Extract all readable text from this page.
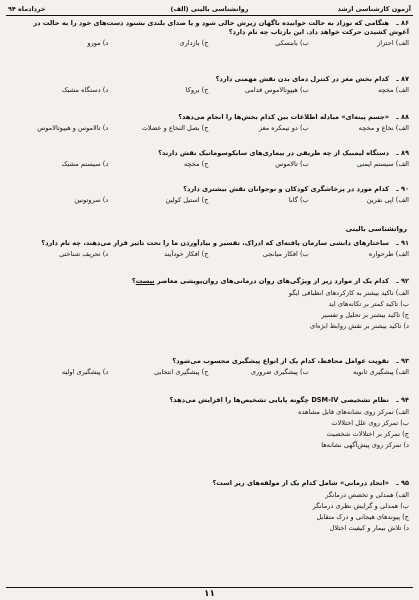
آزمون کارشناسی ارشد
روانشناسی بالینی (الف)
خردادماه ۹۴
۸۶ ـهنگامی که نوزاد به حالت خوابیده ناگهان زیرش خالی شود و یا صدای بلندی بشنود دست‌های خود را به حالت در
آغوش کشیدن حرکت خواهد داد. این بازتاب چه نام دارد؟
الف) احتزاز
ب) بابنسکی
ج) بازداری
د) مورو
۸۷ ـکدام بخش مغز در کنترل دمای بدن نقش مهمتی دارد؟
الف) مخچه
ب) هیپوتالاموس قدامی
ج) بروکا
د) دستگاه مشبک
۸۸ ـ«جسم پینه‌ای» مبادله اطلاعات بین کدام بخش‌ها را انجام می‌دهد؟
الف) نخاع و مخچه
ب) دو نیمکره مغز
ج) بصل النخاع و عضلات
د) تالاموس و هیپوتالاموس
۸۹ ـدستگاه لیمبیک از چه طریقی در بیماری‌های سایکوسوماتیک نقش دارند؟
الف) سیستم ایمنی
ب) تالاموس
ج) مخچه
د) سیستم مشبک
۹۰ ـکدام مورد در پرخاشگری کودکان و نوجوانان نقش بیشتری دارد؟
الف) اپی نفرین
ب) گابا
ج) استیل کولین
د) سروتونین
روانشناسی بالینی
۹۱ ـساختارهای دانشی سازمان یافته‌ای که ادراک، تفسیر و بیادآوردن ما را تحت تاثیر قرار می‌دهند، چه نام دارد؟
الف) طرحواره
ب) افکار میانجی
ج) افکار خودآیند
د) تحریف شناختی
۹۲ ـکدام یک از موارد زیر از ویژگی‌های روان درمانی‌های روان‌پویشی معاصر نیست؟
الف) تاکید بیشتر به کارکردهای انطباقی ایگو
ب) تاکید کمتر بر تکانه‌های اید
ج) تاکید بیشتر بر تحلیل و تفسیر
د) تاکید بیشتر بر نقش روابط ابژه‌ای
۹۳ ـتقویت عوامل محافظ، کدام یک از انواع پیشگیری محسوب می‌شود؟
الف) پیشگیری ثانویه
ب) پیشگیری ضروری
ج) پیشگیری انتخابی
د) پیشگیری اولیه
۹۴ ـنظام تشخیصی DSM-IV چگونه پایایی تشخیص‌ها را افزایش می‌دهد؟
الف) تمرکز روی نشانه‌های قابل مشاهده
ب) تمرکز روی علل اختلالات
ج) تمرکز بر اختلالات شخصیت
د) تمرکز روی پیش‌آگهی نشانه‌ها
۹۵ ـ«اتحاد درمانی» شامل کدام یک از مولفه‌های زیر است؟
الف) همدلی و تخصص درمانگر
ب) همدلی و گرایش نظری درمانگر
ج) پیوندهای هیجانی و درک متقابل
د) تلاش بیمار و کیفیت اختلال
۱۱
